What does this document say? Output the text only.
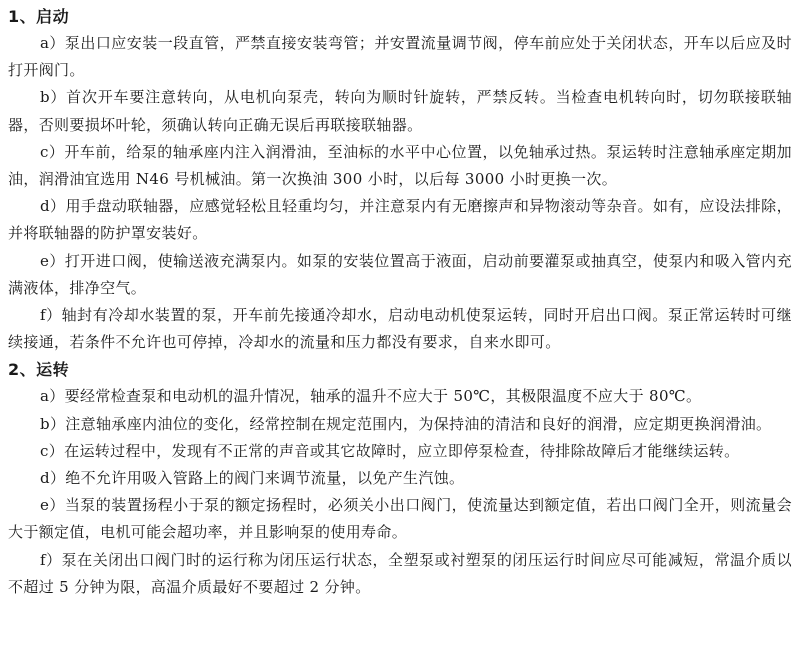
1、启动

a）泵出口应安装一段直管，严禁直接安装弯管；并安置流量调节阀，停车前应处于关闭状态，开车以后应及时打开阀门。

b）首次开车要注意转向，从电机向泵壳，转向为顺时针旋转，严禁反转。当检查电机转向时，切勿联接联轴器，否则要损坏叶轮，须确认转向正确无误后再联接联轴器。

c）开车前，给泵的轴承座内注入润滑油，至油标的水平中心位置，以免轴承过热。泵运转时注意轴承座定期加油，润滑油宜选用 N46 号机械油。第一次换油 300 小时，以后每 3000 小时更换一次。

d）用手盘动联轴器，应感觉轻松且轻重均匀，并注意泵内有无磨擦声和异物滚动等杂音。如有，应设法排除，并将联轴器的防护罩安装好。

e）打开进口阀，使输送液充满泵内。如泵的安装位置高于液面，启动前要灌泵或抽真空，使泵内和吸入管内充满液体，排净空气。

f）轴封有冷却水装置的泵，开车前先接通冷却水，启动电动机使泵运转，同时开启出口阀。泵正常运转时可继续接通，若条件不允许也可停掉，冷却水的流量和压力都没有要求，自来水即可。

2、运转

a）要经常检查泵和电动机的温升情况，轴承的温升不应大于 50℃，其极限温度不应大于 80℃。

b）注意轴承座内油位的变化，经常控制在规定范围内，为保持油的清洁和良好的润滑，应定期更换润滑油。

c）在运转过程中，发现有不正常的声音或其它故障时，应立即停泵检查，待排除故障后才能继续运转。

d）绝不允许用吸入管路上的阀门来调节流量，以免产生汽蚀。

e）当泵的装置扬程小于泵的额定扬程时，必须关小出口阀门，使流量达到额定值，若出口阀门全开，则流量会大于额定值，电机可能会超功率，并且影响泵的使用寿命。

f）泵在关闭出口阀门时的运行称为闭压运行状态，全塑泵或衬塑泵的闭压运行时间应尽可能减短，常温介质以不超过 5 分钟为限，高温介质最好不要超过 2 分钟。
